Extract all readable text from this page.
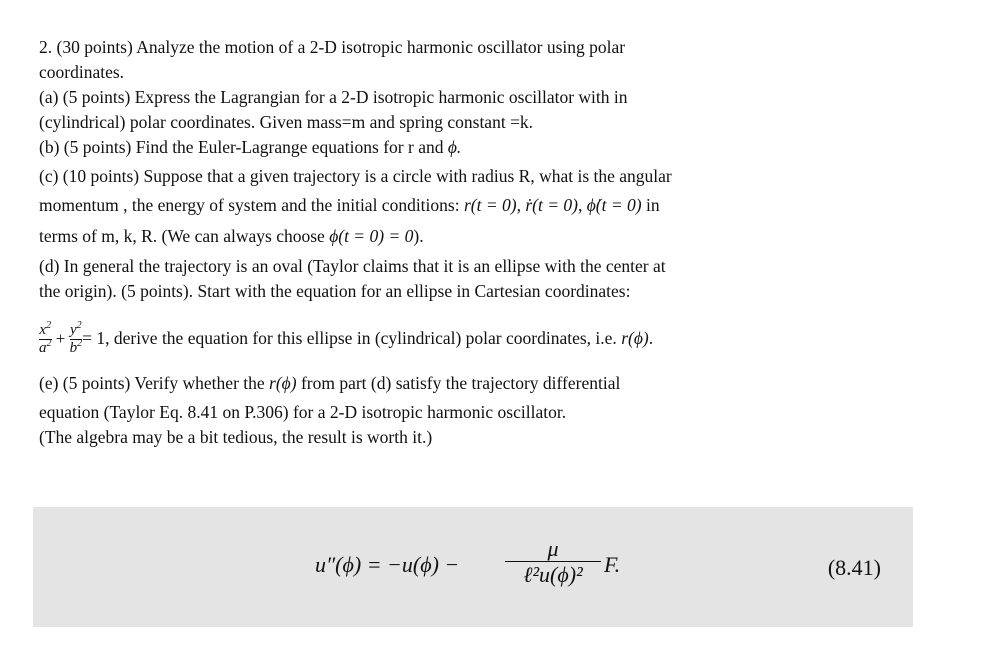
2. (30 points) Analyze the motion of a 2-D isotropic harmonic oscillator using polar
coordinates.
(a) (5 points) Express the Lagrangian for a 2-D isotropic harmonic oscillator with in
(cylindrical) polar coordinates. Given mass=m and spring constant =k.
(b) (5 points) Find the Euler-Lagrange equations for r and ϕ.
(c) (10 points) Suppose that a given trajectory is a circle with radius R, what is the angular
momentum , the energy of system and the initial conditions: r(t = 0), ṙ(t = 0), ϕ̇(t = 0) in
terms of m, k, R. (We can always choose ϕ(t = 0) = 0).
(d) In general the trajectory is an oval (Taylor claims that it is an ellipse with the center at
the origin). (5 points). Start with the equation for an ellipse in Cartesian coordinates:
$\frac{x^2}{a^2} + \frac{y^2}{b^2} = 1$, derive the equation for this ellipse in (cylindrical) polar coordinates, i.e. r(ϕ).
(e) (5 points) Verify whether the r(ϕ) from part (d) satisfy the trajectory differential
equation (Taylor Eq. 8.41 on P.306) for a 2-D isotropic harmonic oscillator.
(The algebra may be a bit tedious, the result is worth it.)
u″(ϕ) = −u(ϕ) −
μ
ℓ²u(ϕ)² F.	(8.41)
